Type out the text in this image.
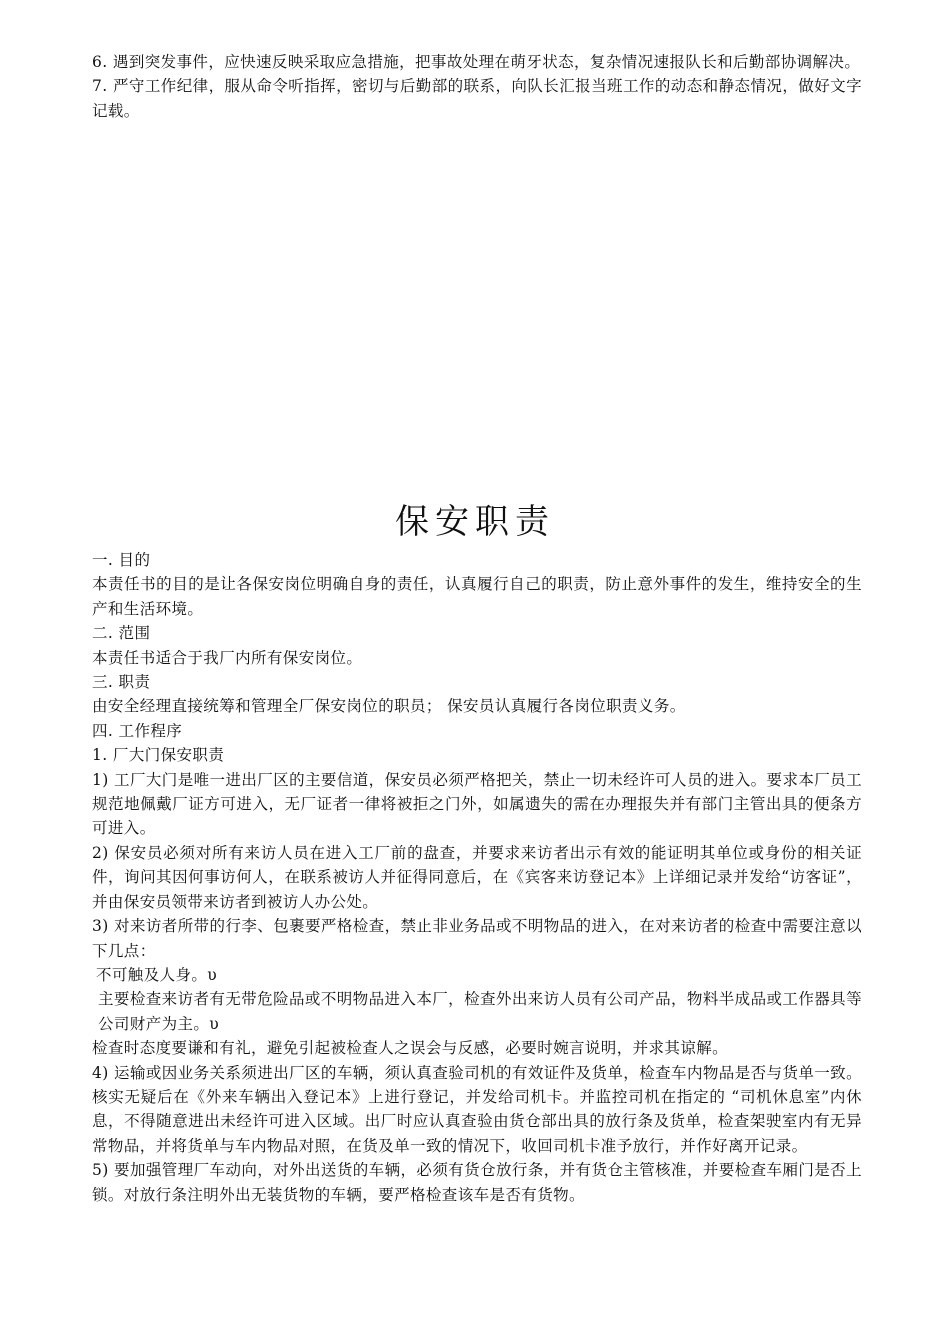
6. 遇到突发事件，应快速反映采取应急措施，把事故处理在萌牙状态，复杂情况速报队长和后勤部协调解决。

7. 严守工作纪律，服从命令听指挥，密切与后勤部的联系，向队长汇报当班工作的动态和静态情况，做好文字记载。

保安职责

一. 目的

本责任书的目的是让各保安岗位明确自身的责任，认真履行自己的职责，防止意外事件的发生，维持安全的生产和生活环境。

二. 范围

本责任书适合于我厂内所有保安岗位。

三. 职责

由安全经理直接统筹和管理全厂保安岗位的职员； 保安员认真履行各岗位职责义务。

四. 工作程序

1. 厂大门保安职责

1) 工厂大门是唯一进出厂区的主要信道，保安员必须严格把关，禁止一切未经许可人员的进入。要求本厂员工规范地佩戴厂证方可进入，无厂证者一律将被拒之门外，如属遗失的需在办理报失并有部门主管出具的便条方可进入。

2) 保安员必须对所有来访人员在进入工厂前的盘查，并要求来访者出示有效的能证明其单位或身份的相关证件，询问其因何事访何人，在联系被访人并征得同意后，在《宾客来访登记本》上详细记录并发给“访客证”，并由保安员领带来访者到被访人办公处。

3) 对来访者所带的行李、包裹要严格检查，禁止非业务品或不明物品的进入，在对来访者的检查中需要注意以下几点：

不可触及人身。υ

主要检查来访者有无带危险品或不明物品进入本厂，检查外出来访人员有公司产品，物料半成品或工作器具等公司财产为主。υ

检查时态度要谦和有礼，避免引起被检查人之误会与反感，必要时婉言说明，并求其谅解。

4) 运输或因业务关系须进出厂区的车辆，须认真查验司机的有效证件及货单，检查车内物品是否与货单一致。核实无疑后在《外来车辆出入登记本》上进行登记，并发给司机卡。并监控司机在指定的 “司机休息室”内休息，不得随意进出未经许可进入区域。出厂时应认真查验由货仓部出具的放行条及货单，检查架驶室内有无异常物品，并将货单与车内物品对照，在货及单一致的情况下，收回司机卡准予放行，并作好离开记录。

5) 要加强管理厂车动向，对外出送货的车辆，必须有货仓放行条，并有货仓主管核准，并要检查车厢门是否上锁。对放行条注明外出无装货物的车辆，要严格检查该车是否有货物。
